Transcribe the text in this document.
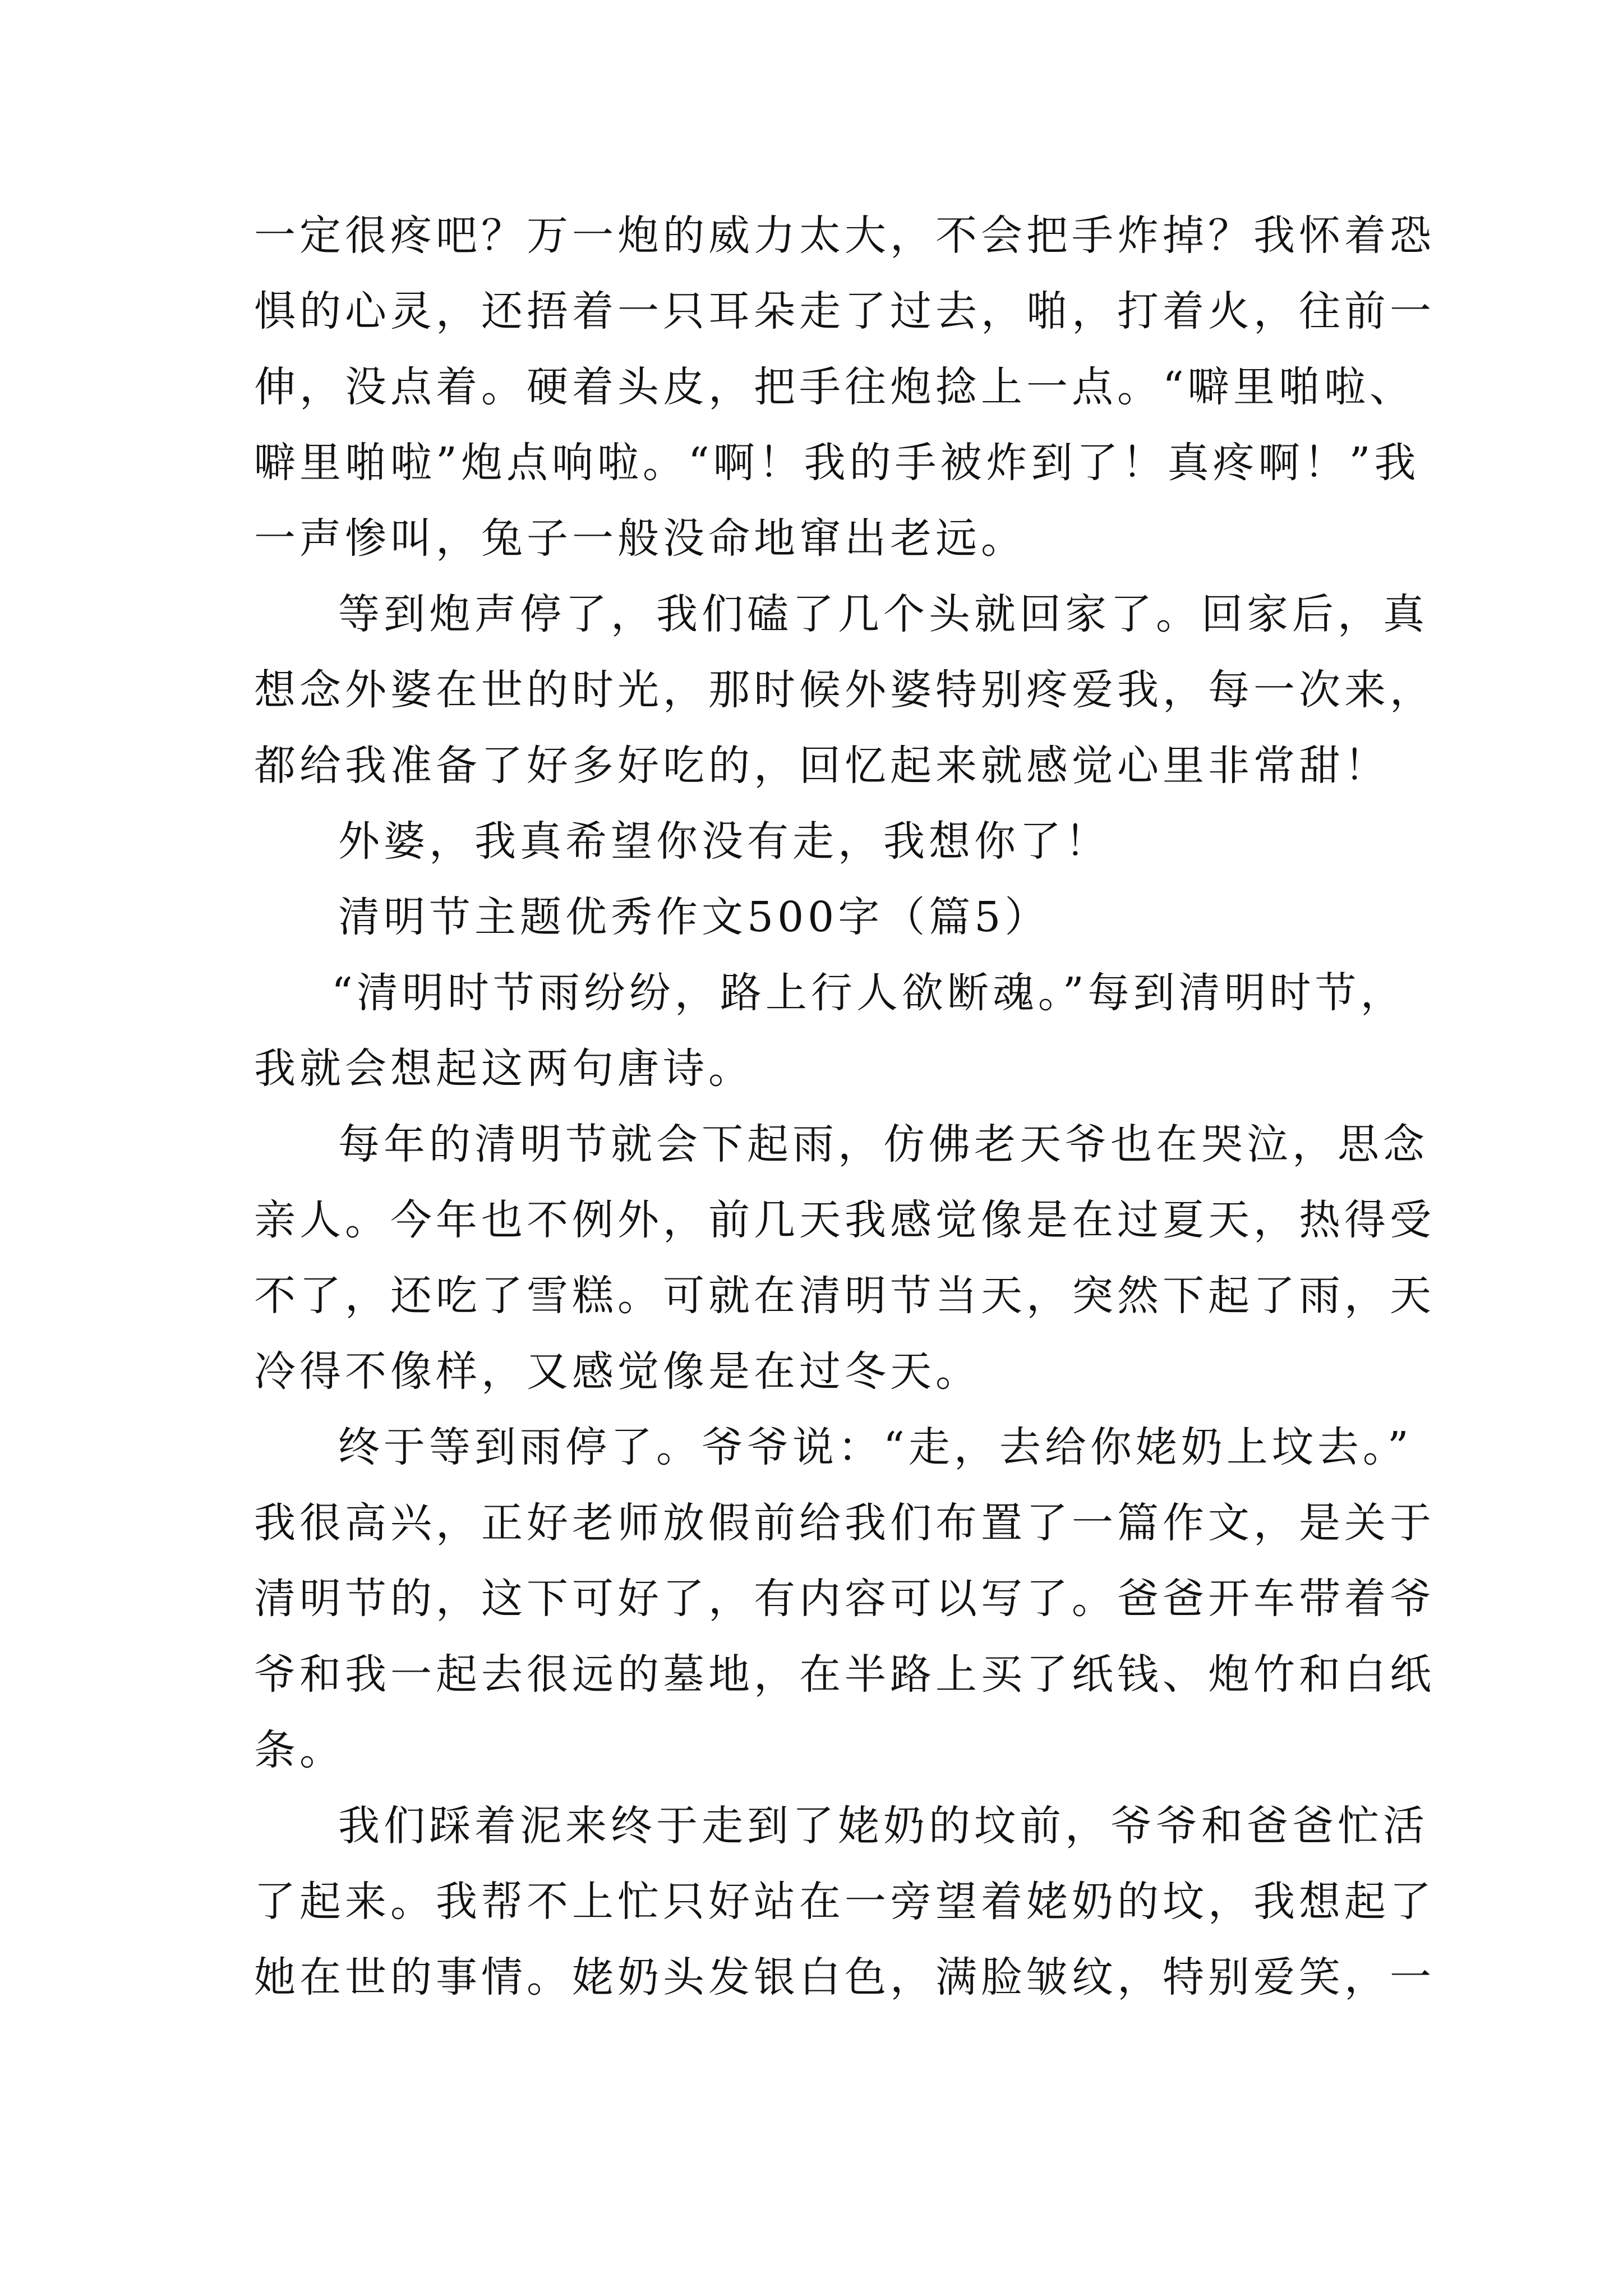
一定很疼吧？万一炮的威力太大，不会把手炸掉？我怀着恐
惧的心灵，还捂着一只耳朵走了过去，啪，打着火，往前一
伸，没点着。硬着头皮，把手往炮捻上一点。“噼里啪啦、
噼里啪啦”炮点响啦。“啊！我的手被炸到了！真疼啊！”我
一声惨叫，兔子一般没命地窜出老远。
等到炮声停了，我们磕了几个头就回家了。回家后，真
想念外婆在世的时光，那时候外婆特别疼爱我，每一次来，
都给我准备了好多好吃的，回忆起来就感觉心里非常甜！
外婆，我真希望你没有走，我想你了！
清明节主题优秀作文500字（篇5）
“清明时节雨纷纷，路上行人欲断魂。”每到清明时节，
我就会想起这两句唐诗。
每年的清明节就会下起雨，仿佛老天爷也在哭泣，思念
亲人。今年也不例外，前几天我感觉像是在过夏天，热得受
不了，还吃了雪糕。可就在清明节当天，突然下起了雨，天
冷得不像样，又感觉像是在过冬天。
终于等到雨停了。爷爷说：“走，去给你姥奶上坟去。”
我很高兴，正好老师放假前给我们布置了一篇作文，是关于
清明节的，这下可好了，有内容可以写了。爸爸开车带着爷
爷和我一起去很远的墓地，在半路上买了纸钱、炮竹和白纸
条。
我们踩着泥来终于走到了姥奶的坟前，爷爷和爸爸忙活
了起来。我帮不上忙只好站在一旁望着姥奶的坟，我想起了
她在世的事情。姥奶头发银白色，满脸皱纹，特别爱笑，一
